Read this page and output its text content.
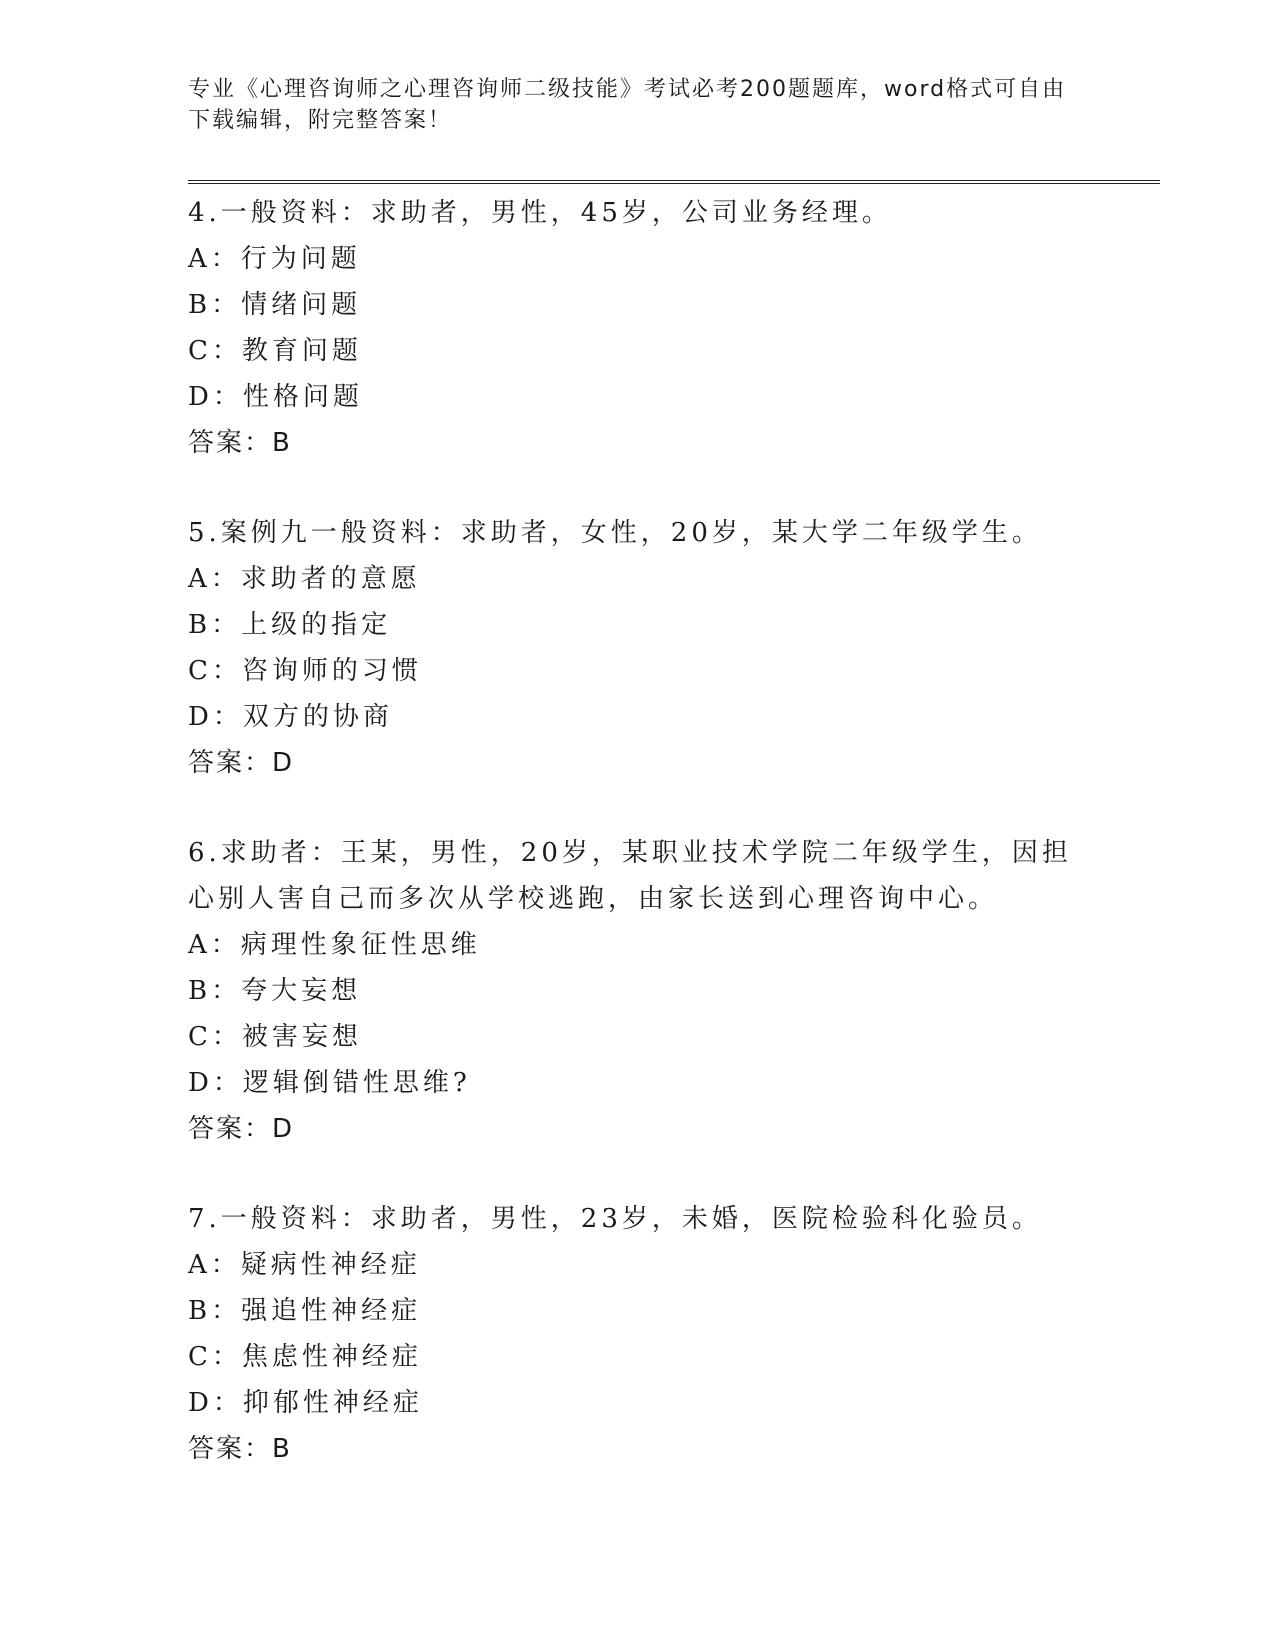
专业《心理咨询师之心理咨询师二级技能》考试必考200题题库，word格式可自由下载编辑，附完整答案！

4.一般资料：求助者，男性，45岁，公司业务经理。

A：行为问题

B：情绪问题

C：教育问题

D：性格问题

答案：B

5.案例九一般资料：求助者，女性，20岁，某大学二年级学生。

A：求助者的意愿

B：上级的指定

C：咨询师的习惯

D：双方的协商

答案：D

6.求助者：王某，男性，20岁，某职业技术学院二年级学生，因担心别人害自己而多次从学校逃跑，由家长送到心理咨询中心。

A：病理性象征性思维

B：夸大妄想

C：被害妄想

D：逻辑倒错性思维?

答案：D

7.一般资料：求助者，男性，23岁，未婚，医院检验科化验员。

A：疑病性神经症

B：强追性神经症

C：焦虑性神经症

D：抑郁性神经症

答案：B
